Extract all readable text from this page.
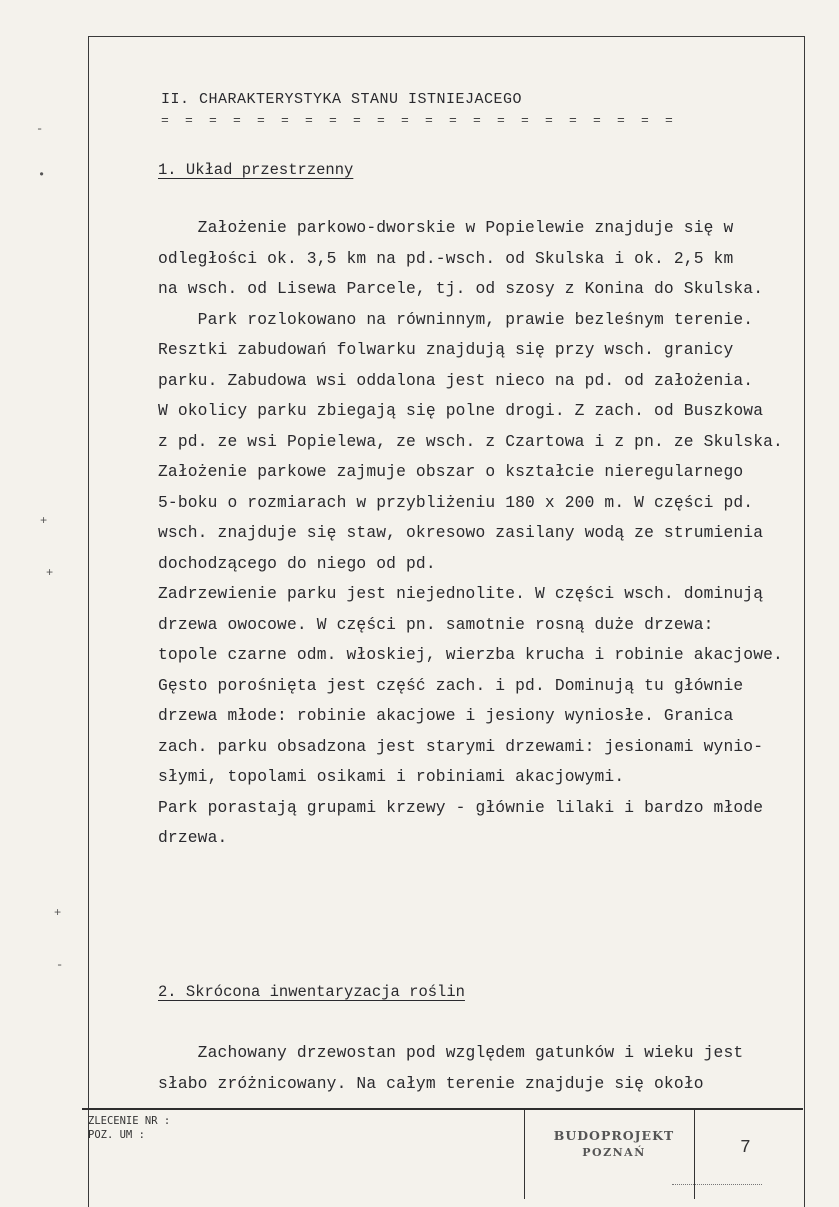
II. CHARAKTERYSTYKA STANU ISTNIEJACEGO
= = = = = = = = = = = = = = = = = = = = = =
1. Układ przestrzenny
Założenie parkowo-dworskie w Popielewie znajduje się w
odległości ok. 3,5 km na pd.-wsch. od Skulska i ok. 2,5 km
na wsch. od Lisewa Parcele, tj. od szosy z Konina do Skulska.
Park rozlokowano na równinnym, prawie bezleśnym terenie.
Resztki zabudowań folwarku znajdują się przy wsch. granicy
parku. Zabudowa wsi oddalona jest nieco na pd. od założenia.
W okolicy parku zbiegają się polne drogi. Z zach. od Buszkowa
z pd. ze wsi Popielewa, ze wsch. z Czartowa i z pn. ze Skulska.
Założenie parkowe zajmuje obszar o kształcie nieregularnego
5-boku o rozmiarach w przybliżeniu 180 x 200 m. W części pd.
wsch. znajduje się staw, okresowo zasilany wodą ze strumienia
dochodzącego do niego od pd.
Zadrzewienie parku jest niejednolite. W części wsch. dominują
drzewa owocowe. W części pn. samotnie rosną duże drzewa:
topole czarne odm. włoskiej, wierzba krucha i robinie akacjowe.
Gęsto porośnięta jest część zach. i pd. Dominują tu głównie
drzewa młode: robinie akacjowe i jesiony wyniosłe. Granica
zach. parku obsadzona jest starymi drzewami: jesionami wynio-
słymi, topolami osikami i robiniami akacjowymi.
Park porastają grupami krzewy - głównie lilaki i bardzo młode
drzewa.
2. Skrócona inwentaryzacja roślin
Zachowany drzewostan pod względem gatunków i wieku jest
słabo zróżnicowany. Na całym terenie znajduje się około
-
•
+
+
+
-
ZLECENIE NR :
POZ. UM :	BUDOPROJEKT
POZNAŃ	7
